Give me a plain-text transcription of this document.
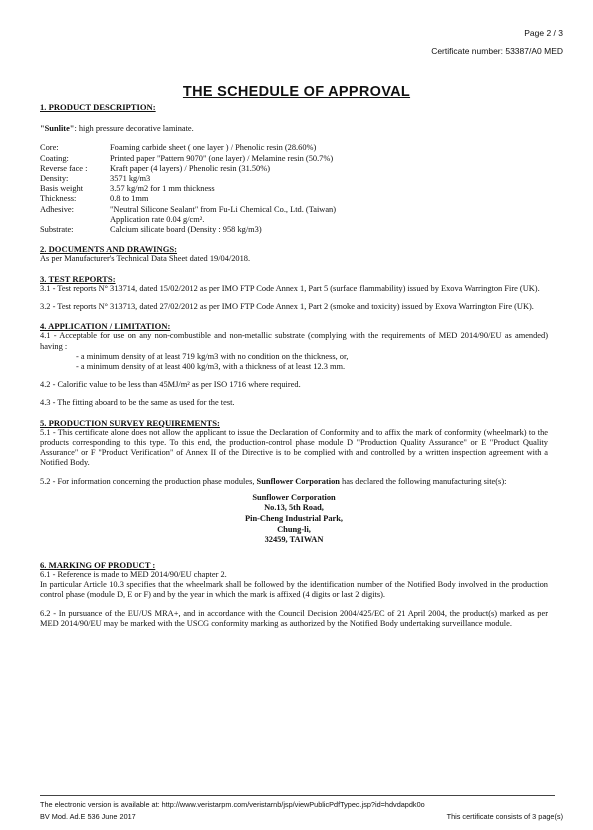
Page 2 / 3
Certificate number: 53387/A0 MED
THE SCHEDULE OF APPROVAL

1. PRODUCT DESCRIPTION:

"Sunlite": high pressure decorative laminate.

Core:	Foaming carbide sheet ( one layer ) / Phenolic resin (28.60%)
Coating:	Printed paper "Pattern 9070" (one layer) / Melamine resin (50.7%)
Reverse face :	Kraft paper (4 layers) / Phenolic resin (31.50%)
Density:	3571 kg/m3
Basis weight	3.57 kg/m2 for 1 mm thickness
Thickness:	0.8 to 1mm
Adhesive:	"Neutral Silicone Sealant" from Fu-Li Chemical Co., Ltd. (Taiwan)
Application rate 0.04 g/cm².
Substrate:	Calcium silicate board (Density : 958 kg/m3)

2. DOCUMENTS AND DRAWINGS:

As per Manufacturer's Technical Data Sheet dated 19/04/2018.

3. TEST REPORTS:

3.1 - Test reports N° 313714, dated 15/02/2012 as per IMO FTP Code Annex 1, Part 5 (surface flammability) issued by Exova Warrington Fire (UK).

3.2 - Test reports N° 313713, dated 27/02/2012 as per IMO FTP Code Annex 1, Part 2 (smoke and toxicity) issued by Exova Warrington Fire (UK).

4. APPLICATION / LIMITATION:

4.1 - Acceptable for use on any non-combustible and non-metallic substrate (complying with the requirements of MED 2014/90/EU as amended) having :

- a minimum density of at least 719 kg/m3 with no condition on the thickness, or,

- a minimum density of at least 400 kg/m3, with a thickness of at least 12.3 mm.

4.2 - Calorific value to be less than 45MJ/m² as per ISO 1716 where required.

4.3 - The fitting aboard to be the same as used for the test.

5. PRODUCTION SURVEY REQUIREMENTS:

5.1 - This certificate alone does not allow the applicant to issue the Declaration of Conformity and to affix the mark of conformity (wheelmark) to the products corresponding to this type. To this end, the production-control phase module D "Production Quality Assurance" or E "Product Quality Assurance" or F "Product Verification" of Annex II of the Directive is to be complied with and controlled by a written inspection agreement with a Notified Body.

5.2 - For information concerning the production phase modules, Sunflower Corporation has declared the following manufacturing site(s):

Sunflower Corporation
No.13, 5th Road,
Pin-Cheng Industrial Park,
Chung-li,
32459, TAIWAN

6. MARKING OF PRODUCT :

6.1 - Reference is made to MED 2014/90/EU chapter 2.

In particular Article 10.3 specifies that the wheelmark shall be followed by the identification number of the Notified Body involved in the production control phase (module D, E or F) and by the year in which the mark is affixed (4 digits or last 2 digits).

6.2 - In pursuance of the EU/US MRA+, and in accordance with the Council Decision 2004/425/EC of 21 April 2004, the product(s) marked as per MED 2014/90/EU may be marked with the USCG conformity marking as authorized by the Notified Body undertaking surveillance module.

The electronic version is available at: http://www.veristarpm.com/veristarnb/jsp/viewPublicPdfTypec.jsp?id=hdvdapdk0o
BV Mod. Ad.E 536 June 2017	This certificate consists of 3 page(s)
